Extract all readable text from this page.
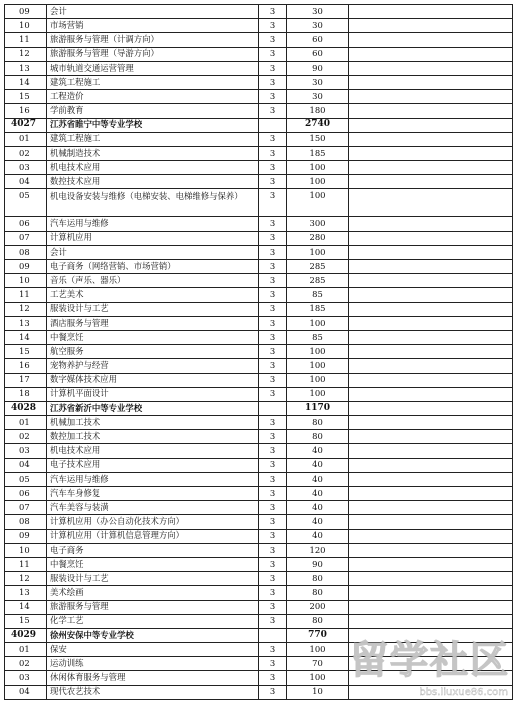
09	会计	3	30	
10	市场营销	3	30	
11	旅游服务与管理（计调方向）	3	60	
12	旅游服务与管理（导游方向）	3	60	
13	城市轨道交通运营管理	3	90	
14	建筑工程施工	3	30	
15	工程造价	3	30	
16	学前教育	3	180	
4027	江苏省睢宁中等专业学校		2740	
01	建筑工程施工	3	150	
02	机械制造技术	3	185	
03	机电技术应用	3	100	
04	数控技术应用	3	100	
05	机电设备安装与维修（电梯安装、电梯维修与保养）	3	100	
06	汽车运用与维修	3	300	
07	计算机应用	3	280	
08	会计	3	100	
09	电子商务（网络营销、市场营销）	3	285	
10	音乐（声乐、器乐）	3	285	
11	工艺美术	3	85	
12	服装设计与工艺	3	185	
13	酒店服务与管理	3	100	
14	中餐烹饪	3	85	
15	航空服务	3	100	
16	宠物养护与经营	3	100	
17	数字媒体技术应用	3	100	
18	计算机平面设计	3	100	
4028	江苏省新沂中等专业学校		1170	
01	机械加工技术	3	80	
02	数控加工技术	3	80	
03	机电技术应用	3	40	
04	电子技术应用	3	40	
05	汽车运用与维修	3	40	
06	汽车车身修复	3	40	
07	汽车美容与装潢	3	40	
08	计算机应用（办公自动化技术方向）	3	40	
09	计算机应用（计算机信息管理方向）	3	40	
10	电子商务	3	120	
11	中餐烹饪	3	90	
12	服装设计与工艺	3	80	
13	美术绘画	3	80	
14	旅游服务与管理	3	200	
15	化学工艺	3	80	
4029	徐州安保中等专业学校		770	
01	保安	3	100	
02	运动训练	3	70	
03	休闲体育服务与管理	3	100	
04	现代农艺技术	3	10	
留学社区
bbs.liuxue86.com
